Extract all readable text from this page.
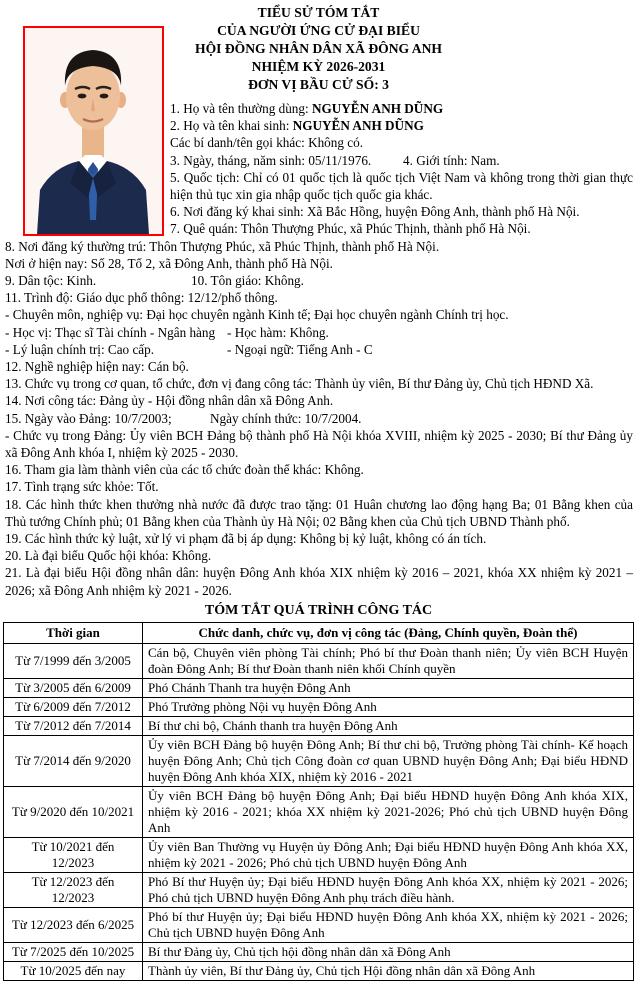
TIỂU SỬ TÓM TẮT
CỦA NGƯỜI ỨNG CỬ ĐẠI BIỂU
HỘI ĐỒNG NHÂN DÂN XÃ ĐÔNG ANH
NHIỆM KỲ 2026-2031
ĐƠN VỊ BẦU CỬ SỐ: 3

1. Họ và tên thường dùng: NGUYỄN ANH DŨNG

2. Họ và tên khai sinh: NGUYỄN ANH DŨNG

Các bí danh/tên gọi khác: Không có.

3. Ngày, tháng, năm sinh: 05/11/1976. 4. Giới tính: Nam.

5. Quốc tịch: Chỉ có 01 quốc tịch là quốc tịch Việt Nam và không trong thời gian thực hiện thủ tục xin gia nhập quốc tịch quốc gia khác.

6. Nơi đăng ký khai sinh: Xã Bắc Hồng, huyện Đông Anh, thành phố Hà Nội.

7. Quê quán: Thôn Thượng Phúc, xã Phúc Thịnh, thành phố Hà Nội.

8. Nơi đăng ký thường trú: Thôn Thượng Phúc, xã Phúc Thịnh, thành phố Hà Nội.

Nơi ở hiện nay: Số 28, Tổ 2, xã Đông Anh, thành phố Hà Nội.

9. Dân tộc: Kinh.	10. Tôn giáo: Không.

11. Trình độ: Giáo dục phổ thông: 12/12/phổ thông.

- Chuyên môn, nghiệp vụ: Đại học chuyên ngành Kinh tế; Đại học chuyên ngành Chính trị học.

- Học vị: Thạc sĩ Tài chính - Ngân hàng - Học hàm: Không.

- Lý luận chính trị: Cao cấp.	- Ngoại ngữ: Tiếng Anh - C

12. Nghề nghiệp hiện nay: Cán bộ.

13. Chức vụ trong cơ quan, tổ chức, đơn vị đang công tác: Thành ủy viên, Bí thư Đảng ủy, Chủ tịch HĐND Xã.

14. Nơi công tác: Đảng ủy - Hội đồng nhân dân xã Đông Anh.

15. Ngày vào Đảng: 10/7/2003;	Ngày chính thức: 10/7/2004.

- Chức vụ trong Đảng: Ủy viên BCH Đảng bộ thành phố Hà Nội khóa XVIII, nhiệm kỳ 2025 - 2030; Bí thư Đảng ủy xã Đông Anh khóa I, nhiệm kỳ 2025 - 2030.

16. Tham gia làm thành viên của các tổ chức đoàn thể khác: Không.

17. Tình trạng sức khỏe: Tốt.

18. Các hình thức khen thưởng nhà nước đã được trao tặng: 01 Huân chương lao động hạng Ba; 01 Bằng khen của Thủ tướng Chính phủ; 01 Bằng khen của Thành ủy Hà Nội; 02 Bằng khen của Chủ tịch UBND Thành phố.

19. Các hình thức kỷ luật, xử lý vi phạm đã bị áp dụng: Không bị kỷ luật, không có án tích.

20. Là đại biểu Quốc hội khóa: Không.

21. Là đại biểu Hội đồng nhân dân: huyện Đông Anh khóa XIX nhiệm kỳ 2016 – 2021, khóa XX nhiệm kỳ 2021 – 2026; xã Đông Anh nhiệm kỳ 2021 - 2026.

TÓM TẮT QUÁ TRÌNH CÔNG TÁC
Thời gian	Chức danh, chức vụ, đơn vị công tác (Đảng, Chính quyền, Đoàn thể)
Từ 7/1999 đến 3/2005	Cán bộ, Chuyên viên phòng Tài chính; Phó bí thư Đoàn thanh niên; Ủy viên BCH Huyện đoàn Đông Anh; Bí thư Đoàn thanh niên khối Chính quyền
Từ 3/2005 đến 6/2009	Phó Chánh Thanh tra huyện Đông Anh
Từ 6/2009 đến 7/2012	Phó Trưởng phòng Nội vụ huyện Đông Anh
Từ 7/2012 đến 7/2014	Bí thư chi bộ, Chánh thanh tra huyện Đông Anh
Từ 7/2014 đến 9/2020	Ủy viên BCH Đảng bộ huyện Đông Anh; Bí thư chi bộ, Trưởng phòng Tài chính- Kế hoạch huyện Đông Anh; Chủ tịch Công đoàn cơ quan UBND huyện Đông Anh; Đại biểu HĐND huyện Đông Anh khóa XIX, nhiệm kỳ 2016 - 2021
Từ 9/2020 đến 10/2021	Ủy viên BCH Đảng bộ huyện Đông Anh; Đại biểu HĐND huyện Đông Anh khóa XIX, nhiệm kỳ 2016 - 2021; khóa XX nhiệm kỳ 2021-2026; Phó chủ tịch UBND huyện Đông Anh
Từ 10/2021 đến 12/2023	Ủy viên Ban Thường vụ Huyện ủy Đông Anh; Đại biểu HĐND huyện Đông Anh khóa XX, nhiệm kỳ 2021 - 2026; Phó chủ tịch UBND huyện Đông Anh
Từ 12/2023 đến 12/2023	Phó Bí thư Huyện ủy; Đại biểu HĐND huyện Đông Anh khóa XX, nhiệm kỳ 2021 - 2026; Phó chủ tịch UBND huyện Đông Anh phụ trách điều hành.
Từ 12/2023 đến 6/2025	Phó bí thư Huyện ủy; Đại biểu HĐND huyện Đông Anh khóa XX, nhiệm kỳ 2021 - 2026; Chủ tịch UBND huyện Đông Anh
Từ 7/2025 đến 10/2025	Bí thư Đảng ủy, Chủ tịch hội đồng nhân dân xã Đông Anh
Từ 10/2025 đến nay	Thành ủy viên, Bí thư Đảng ủy, Chủ tịch Hội đồng nhân dân xã Đông Anh
